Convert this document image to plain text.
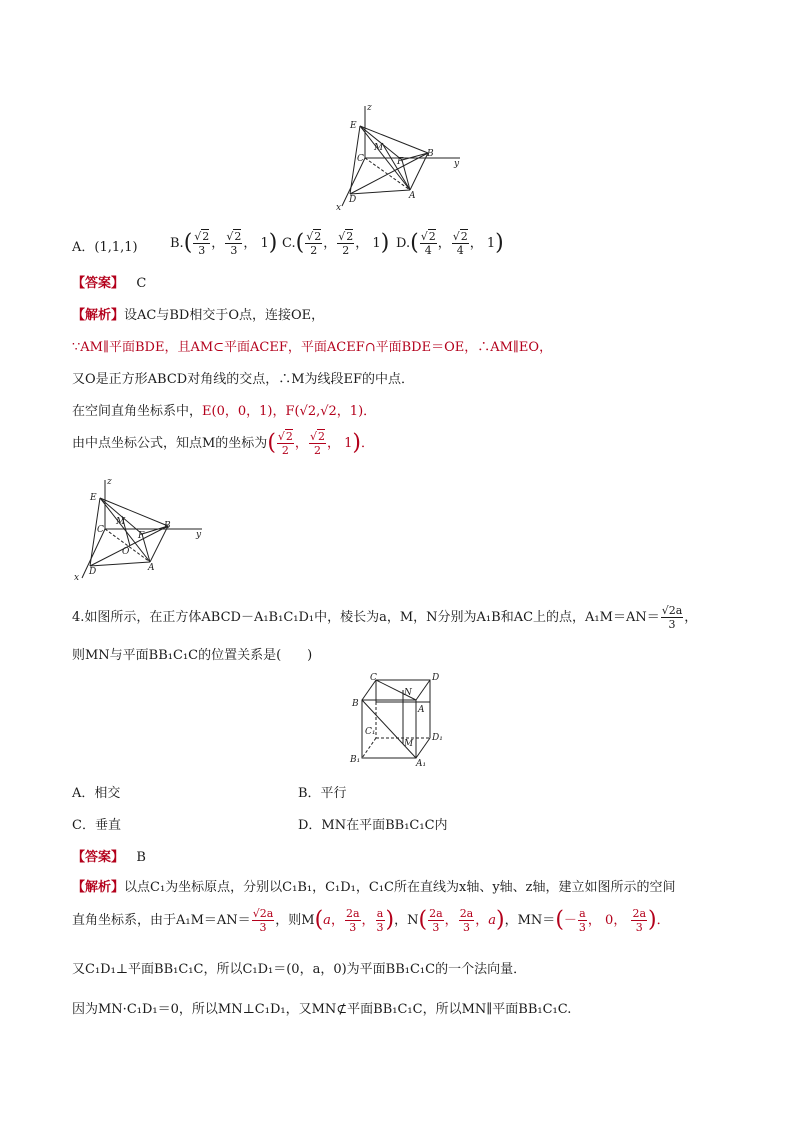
z
y
x
E
M
C	F
B
D	A
A．(1,1,1) $B.( \frac{√2}{3}$ ， $\frac{√2}{3}$ ， 1) $C.( \frac{√2}{2}$ ， $\frac{√2}{2}$ ， 1) $D.( \frac{√2}{4}$ ， $\frac{√2}{4}$ ， 1)
【答案】 C
【解析】设AC与BD相交于O点，连接OE，
∵AM∥平面BDE，且AM⊂平面ACEF，平面ACEF∩平面BDE＝OE，∴AM∥EO，
又O是正方形ABCD对角线的交点，∴M为线段EF的中点．
在空间直角坐标系中，E(0，0，1)，F(√2,√2，1)．
由中点坐标公式，知点M的坐标为( $\frac{√2}{2}$ ， $\frac{√2}{2}$ ， 1)．
z
y
x
E
M
C
F
B
O
D	A
4.如图所示，在正方体ABCD－A₁B₁C₁D₁中，棱长为a，M，N分别为A₁B和AC上的点，$A_1M=AN= \frac{√2a}{3}$ ，
则MN与平面BB₁C₁C的位置关系是(　　)
C
N
D
B
A
C₁
D₁
M
B₁	A₁
A．相交	B．平行
C．垂直	D．MN在平面BB₁C₁C内
【答案】 B
【解析】以点C₁为坐标原点，分别以C₁B₁，C₁D₁，C₁C所在直线为x轴、y轴、z轴，建立如图所示的空间
直角坐标系，由于$A_1M=AN= \frac{√2a}{3}$ ，则M(a， $\frac{2a}{3}$ ， $\frac{a}{3}$ )，$N( \frac{2a}{3}$ ， $\frac{2a}{3}$ ，a)，$MN=(- \frac{a}{3}$ ， 0， $\frac{2a}{3}$ )．
又C₁D₁⊥平面BB₁C₁C，所以C₁D₁＝(0，a，0)为平面BB₁C₁C的一个法向量．
因为MN·C₁D₁＝0，所以MN⊥C₁D₁，又MN⊄平面BB₁C₁C，所以MN∥平面BB₁C₁C.
